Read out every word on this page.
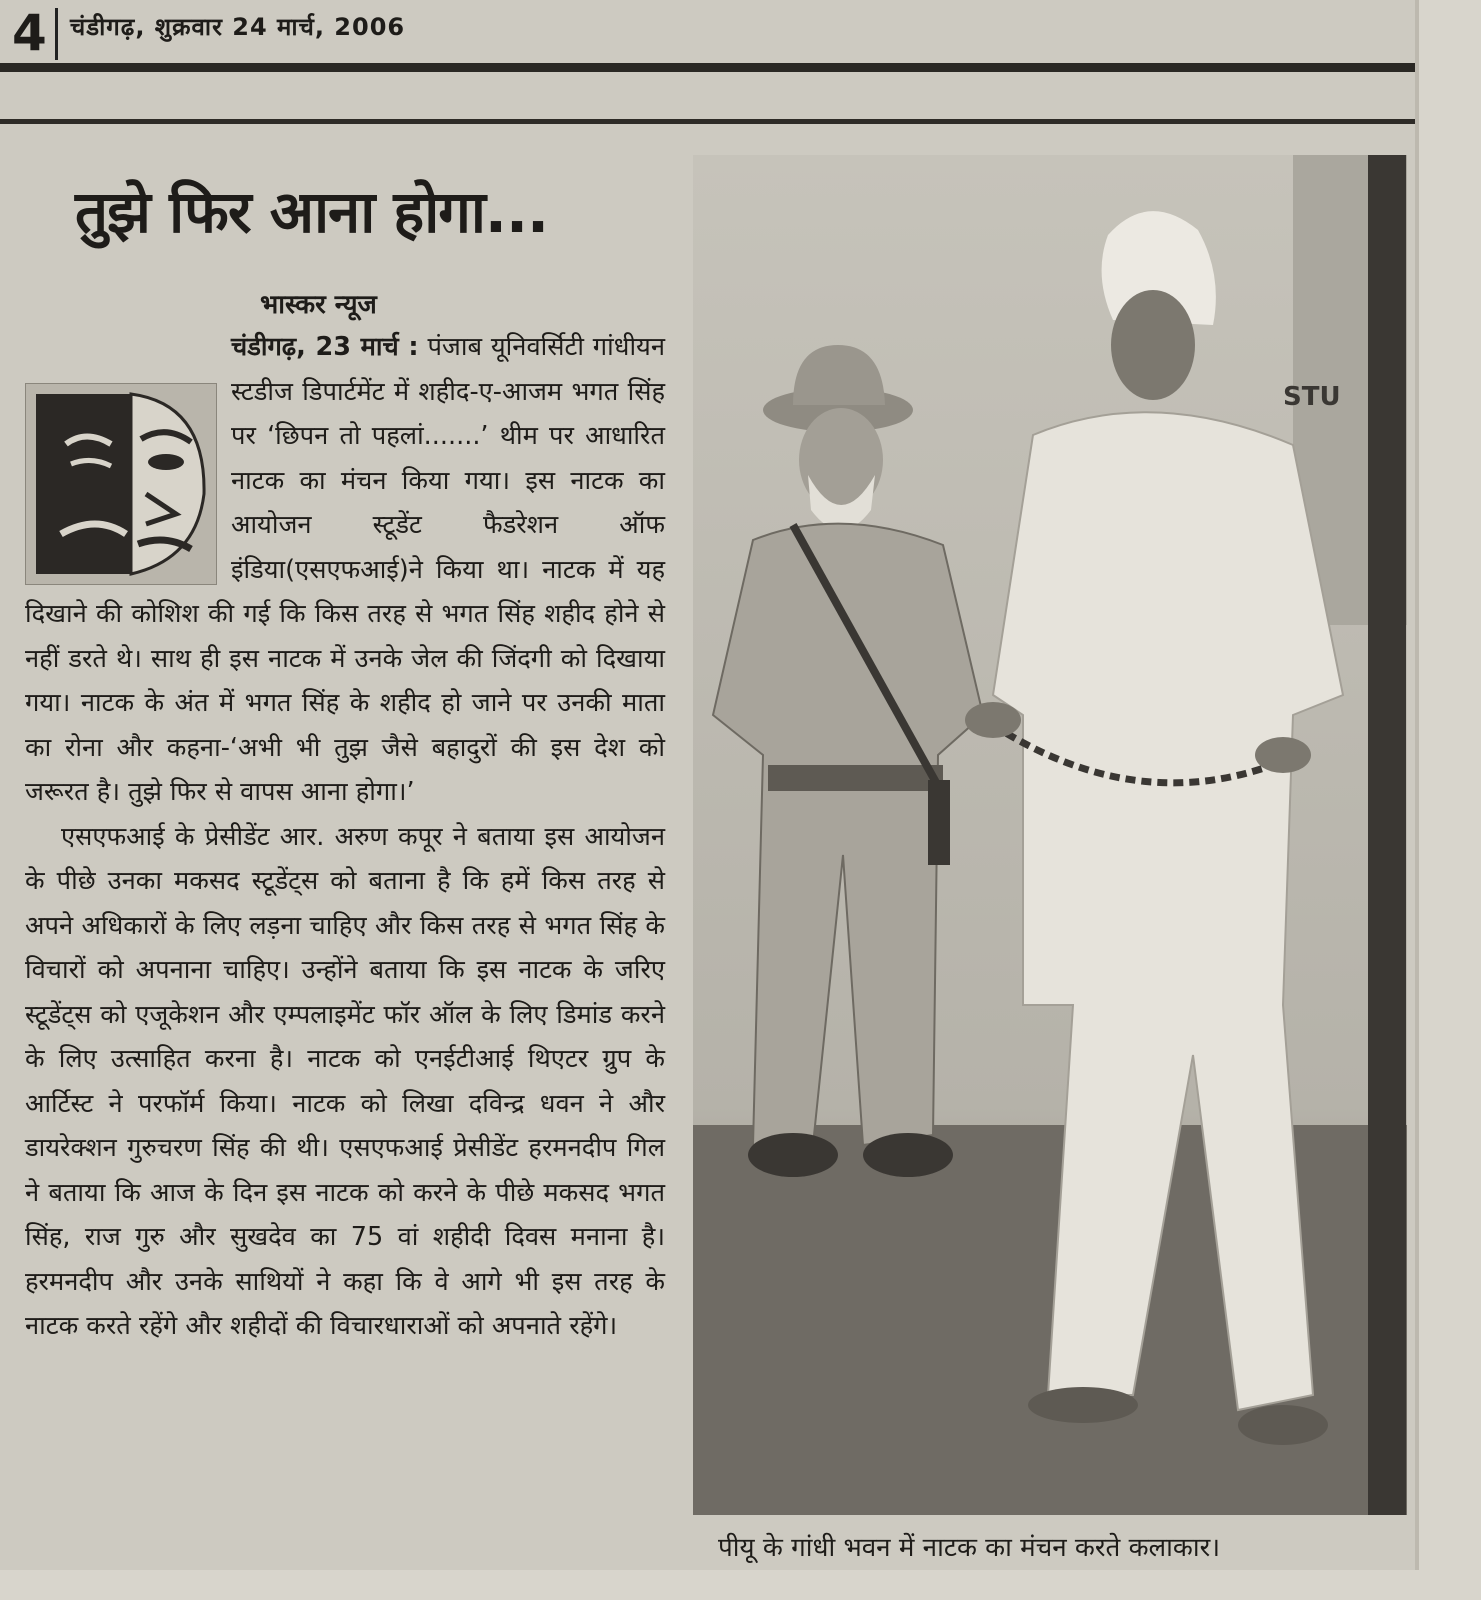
4 चंडीगढ़, शुक्रवार 24 मार्च, 2006
तुझे फिर आना होगा...
भास्कर न्यूज

चंडीगढ़, 23 मार्च : पंजाब यूनिवर्सिटी गांधीयन स्टडीज डिपार्टमेंट में शहीद-ए-आजम भगत सिंह पर ‘छिपन तो पहलां.......’ थीम पर आधारित नाटक का मंचन किया गया। इस नाटक का आयोजन स्टूडेंट फैडरेशन ऑफ इंडिया(एसएफआई)ने किया था। नाटक में यह दिखाने की कोशिश की गई कि किस तरह से भगत सिंह शहीद होने से नहीं डरते थे। साथ ही इस नाटक में उनके जेल की जिंदगी को दिखाया गया। नाटक के अंत में भगत सिंह के शहीद हो जाने पर उनकी माता का रोना और कहना-‘अभी भी तुझ जैसे बहादुरों की इस देश को जरूरत है। तुझे फिर से वापस आना होगा।’

एसएफआई के प्रेसीडेंट आर. अरुण कपूर ने बताया इस आयोजन के पीछे उनका मकसद स्टूडेंट्स को बताना है कि हमें किस तरह से अपने अधिकारों के लिए लड़ना चाहिए और किस तरह से भगत सिंह के विचारों को अपनाना चाहिए। उन्होंने बताया कि इस नाटक के जरिए स्टूडेंट्स को एजूकेशन और एम्पलाइमेंट फॉर ऑल के लिए डिमांड करने के लिए उत्साहित करना है। नाटक को एनईटीआई थिएटर ग्रुप के आर्टिस्ट ने परफॉर्म किया। नाटक को लिखा दविन्द्र धवन ने और डायरेक्शन गुरुचरण सिंह की थी। एसएफआई प्रेसीडेंट हरमनदीप गिल ने बताया कि आज के दिन इस नाटक को करने के पीछे मकसद भगत सिंह, राज गुरु और सुखदेव का 75 वां शहीदी दिवस मनाना है। हरमनदीप और उनके साथियों ने कहा कि वे आगे भी इस तरह के नाटक करते रहेंगे और शहीदों की विचारधाराओं को अपनाते रहेंगे।

STU
पीयू के गांधी भवन में नाटक का मंचन करते कलाकार।
